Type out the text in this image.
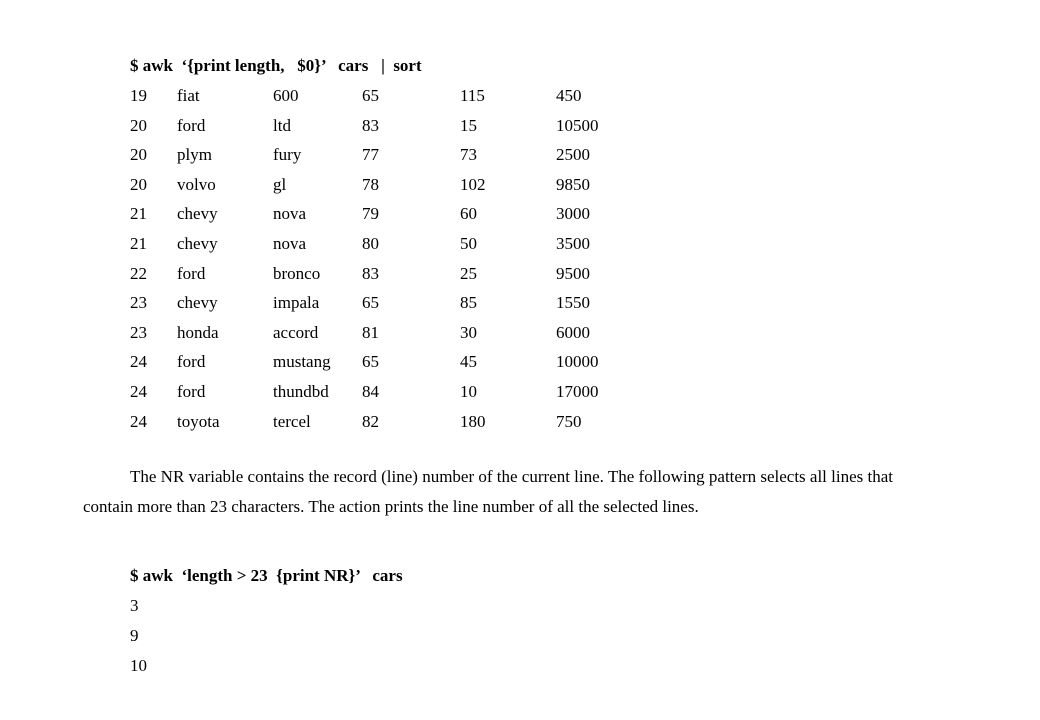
$ awk  ‘{print length,   $0}’   cars   |  sort
19 fiat	600	65	115	450
20 ford	ltd	83	15	10500
20 plym	fury	77	73	2500
20 volvo	gl	78	102	9850
21 chevy	nova	79	60	3000
21 chevy	nova	80	50	3500
22 ford	bronco 83	25	9500
23 chevy	impala	65	85	1550
23 honda	accord	81	30	6000
24 ford	mustang 65	45	10000
24 ford	thundbd 84	10	17000
24 toyota	tercel	82	180	750

The NR variable contains the record (line) number of the current line. The following pattern selects all lines that contain more than 23 characters. The action prints the line number of all the selected lines.

$ awk  ‘length > 23  {print NR}’   cars
3
9
10
